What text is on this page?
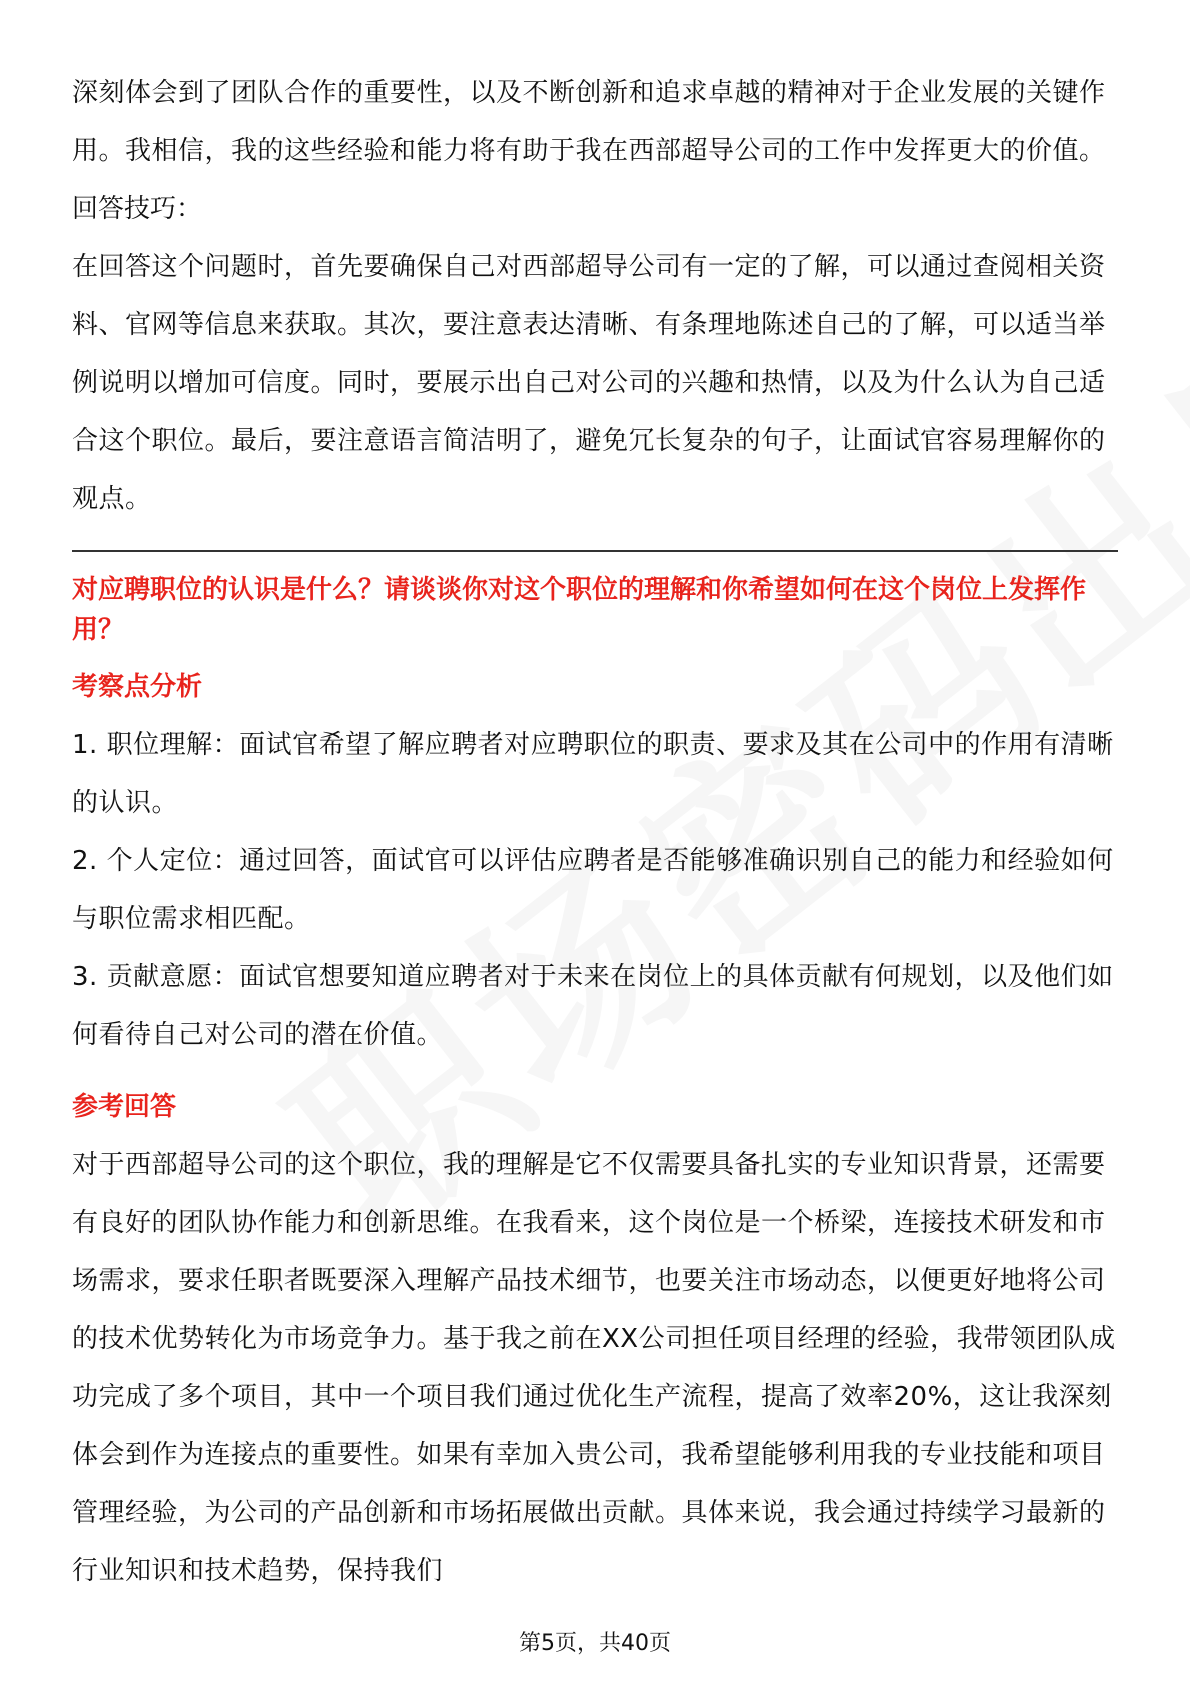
深刻体会到了团队合作的重要性，以及不断创新和追求卓越的精神对于企业发展的关键作用。我相信，我的这些经验和能力将有助于我在西部超导公司的工作中发挥更大的价值。

回答技巧：

在回答这个问题时，首先要确保自己对西部超导公司有一定的了解，可以通过查阅相关资料、官网等信息来获取。其次，要注意表达清晰、有条理地陈述自己的了解，可以适当举例说明以增加可信度。同时，要展示出自己对公司的兴趣和热情，以及为什么认为自己适合这个职位。最后，要注意语言简洁明了，避免冗长复杂的句子，让面试官容易理解你的观点。

对应聘职位的认识是什么？请谈谈你对这个职位的理解和你希望如何在这个岗位上发挥作用？

考察点分析

1. 职位理解：面试官希望了解应聘者对应聘职位的职责、要求及其在公司中的作用有清晰的认识。

2. 个人定位：通过回答，面试官可以评估应聘者是否能够准确识别自己的能力和经验如何与职位需求相匹配。

3. 贡献意愿：面试官想要知道应聘者对于未来在岗位上的具体贡献有何规划，以及他们如何看待自己对公司的潜在价值。

参考回答

对于西部超导公司的这个职位，我的理解是它不仅需要具备扎实的专业知识背景，还需要有良好的团队协作能力和创新思维。在我看来，这个岗位是一个桥梁，连接技术研发和市场需求，要求任职者既要深入理解产品技术细节，也要关注市场动态，以便更好地将公司的技术优势转化为市场竞争力。基于我之前在XX公司担任项目经理的经验，我带领团队成功完成了多个项目，其中一个项目我们通过优化生产流程，提高了效率20%，这让我深刻体会到作为连接点的重要性。如果有幸加入贵公司，我希望能够利用我的专业技能和项目管理经验，为公司的产品创新和市场拓展做出贡献。具体来说，我会通过持续学习最新的行业知识和技术趋势，保持我们

第5页，共40页
